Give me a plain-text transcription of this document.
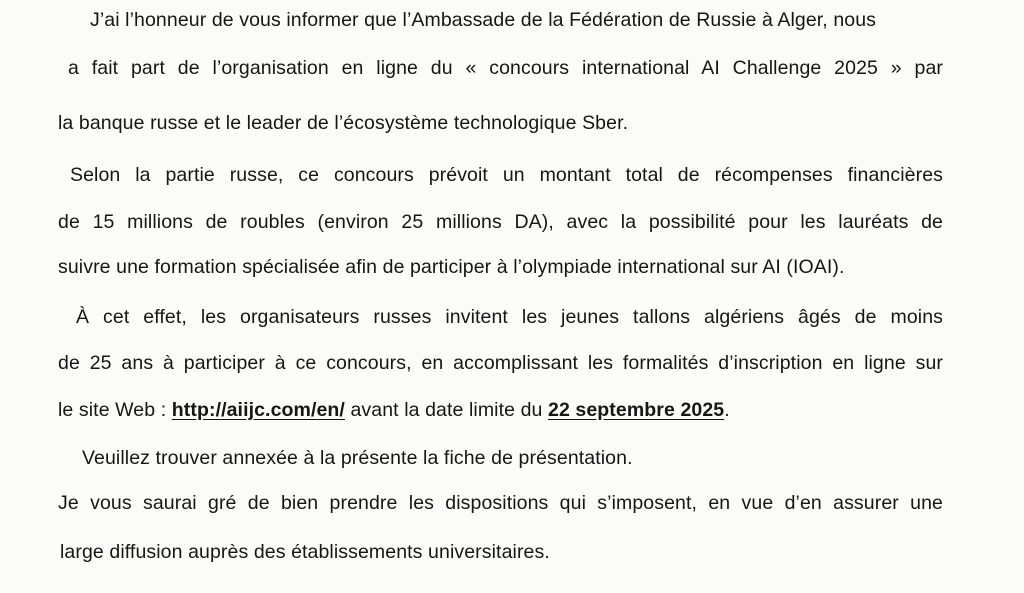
J’ai l’honneur de vous informer que l’Ambassade de la Fédération de Russie à Alger, nous
a fait part de l’organisation en ligne du « concours international AI Challenge 2025 » par
la banque russe et le leader de l’écosystème technologique Sber.
Selon la partie russe, ce concours prévoit un montant total de récompenses financières
de 15 millions de roubles (environ 25 millions DA), avec la possibilité pour les lauréats de
suivre une formation spécialisée afin de participer à l’olympiade international sur AI (IOAI).
À cet effet, les organisateurs russes invitent les jeunes tallons algériens âgés de moins
de 25 ans à participer à ce concours, en accomplissant les formalités d’inscription en ligne sur
le site Web : http://aiijc.com/en/ avant la date limite du 22 septembre 2025.
Veuillez trouver annexée à la présente la fiche de présentation.
Je vous saurai gré de bien prendre les dispositions qui s’imposent, en vue d’en assurer une
large diffusion auprès des établissements universitaires.
